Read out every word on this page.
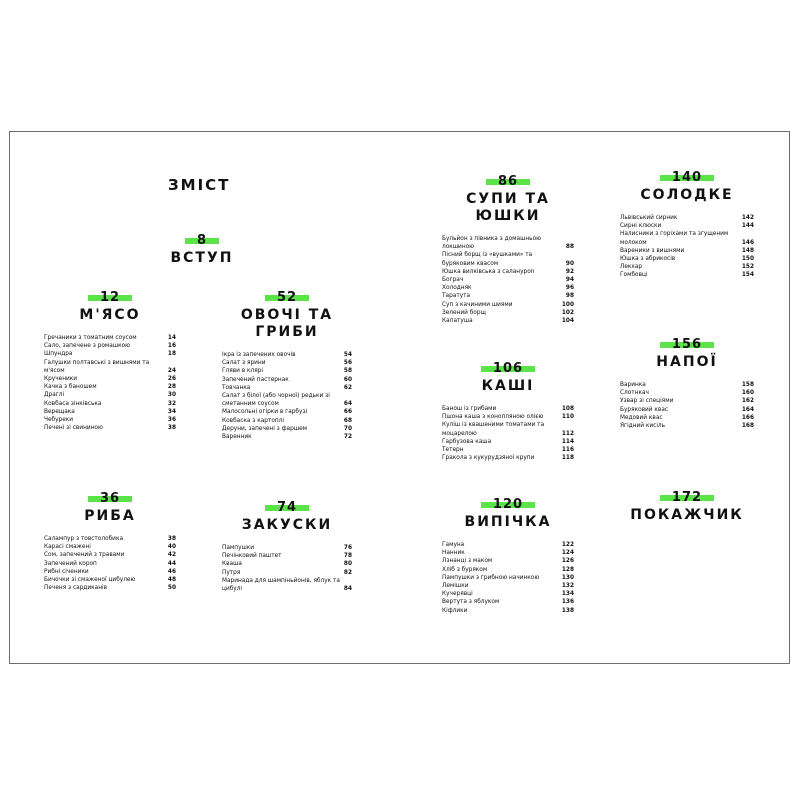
ЗМІСТ
8
ВСТУП
12
М'ЯСО
Гречаники з томатним соусом	14
Сало, запечене з ромашкою	16
Шпундра	18
Галушки полтавські з вишнями та м'ясом	24
Крученики	26
Качка з баношем	28
Драглі	30
Ковбаса зінківська	32
Верещака	34
Чебуреки	36
Печені зі свининою	38
36
РИБА
Салампур з товстолобика	38
Карасі смажені	40
Сом, запечений з травами	42
Запечений короп	44
Рибні січеники	46
Бичочки зі смаженої цибулею	48
Печеня з сардиканів	50
52
ОВОЧІ ТА ГРИБИ
Ікра із запечених овочів	54
Салат з ярини	56
Гляви в клярі	58
Запечений пастернак	60
Товчанка	62
Салат з білої (або чорної) редьки зі сметанним соусом	64
Малосольні огірки в гарбузі	66
Ковбаска з картоплі	68
Деруни, запечені з фаршем	70
Варенник	72
74
ЗАКУСКИ
Пампушки	76
Печінковий паштет	78
Кваша	80
Путря	82
Маринада для шампіньйонів, яблук та цибулі	84
86
СУПИ ТА ЮШКИ
Бульйон з півника з домашньою локшиною	88
Пісний борщ із «вушками» та буряковим квасом	90
Юшка вилківська з салануроn	92
Бограч	94
Холодняк	96
Таратута	98
Суп з качиними шиями	100
Зелений борщ	102
Капатуша	104
106
КАШІ
Банош із грибами	108
Пшона каша з конопляною олією	110
Куліш із квашеними томатами та моцарелою	112
Гарбузова каша	114
Тетерн	116
Гракола з кукурудзяної крупи	118
120
ВИПІЧКА
Гамуна	122
Нанник	124
Лзнанці з маком	126
Хліб з буряком	128
Пампушки з грибною начинкою	130
Лемішки	132
Кучерявці	134
Вертута з яблуком	136
Кіфлики	138
140
СОЛОДКЕ
Львівський сирник	142
Сирні клюски	144
Налисники з горіхами та згущеним молоком	146
Вареники з вишнями	148
Юшка з абрикосів	150
Лекхар	152
Гомбовці	154
156
НАПОЇ
Варинка	158
Слотнкач	160
Узвар зі спеціями	162
Буряковий квас	164
Медовий квас	166
Ягідний кисіль	168
172
ПОКАЖЧИК
